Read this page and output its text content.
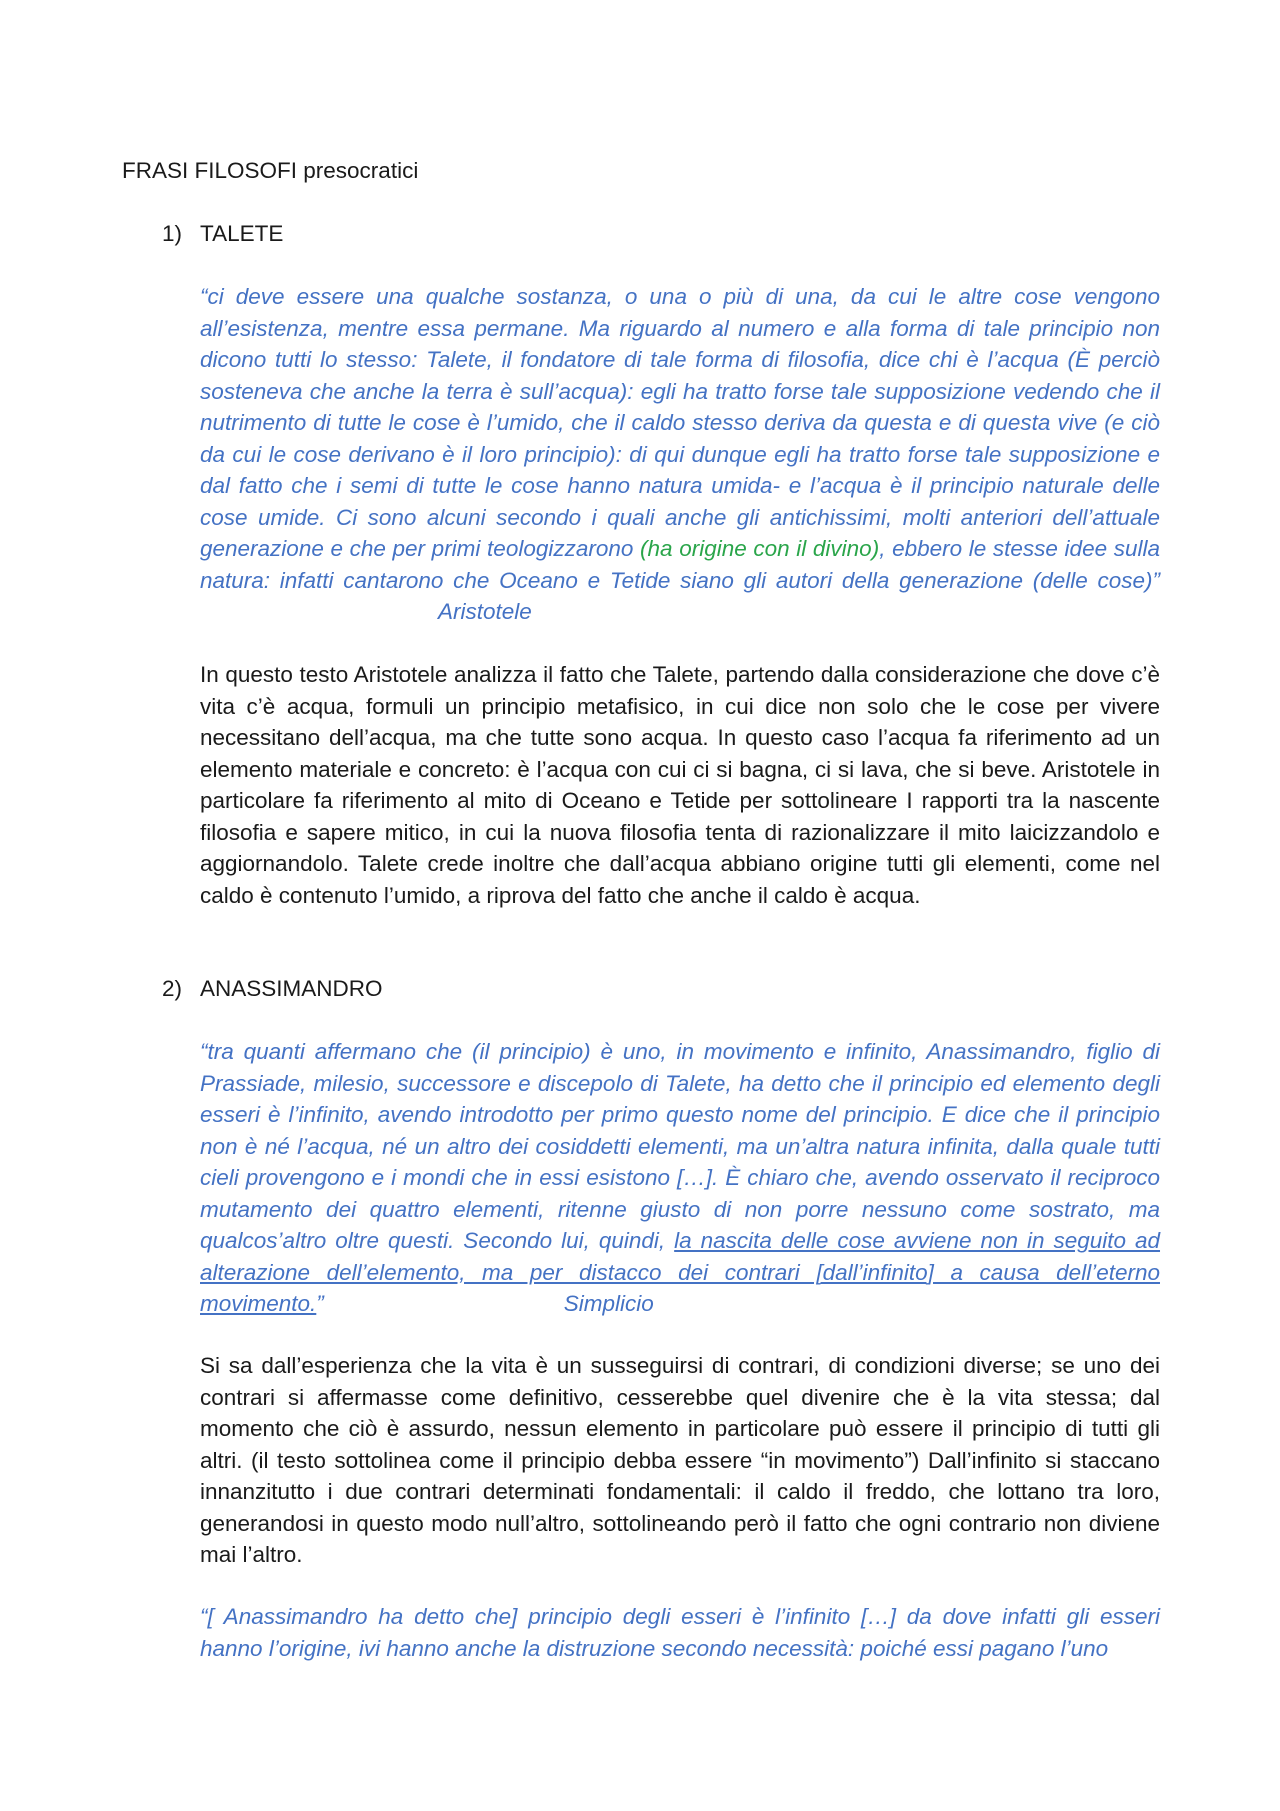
FRASI FILOSOFI presocratici
1) TALETE

“ci deve essere una qualche sostanza, o una o più di una, da cui le altre cose vengono all’esistenza, mentre essa permane. Ma riguardo al numero e alla forma di tale principio non dicono tutti lo stesso: Talete, il fondatore di tale forma di filosofia, dice chi è l’acqua (È perciò sosteneva che anche la terra è sull’acqua): egli ha tratto forse tale supposizione vedendo che il nutrimento di tutte le cose è l’umido, che il caldo stesso deriva da questa e di questa vive (e ciò da cui le cose derivano è il loro principio): di qui dunque egli ha tratto forse tale supposizione e dal fatto che i semi di tutte le cose hanno natura umida- e l’acqua è il principio naturale delle cose umide. Ci sono alcuni secondo i quali anche gli antichissimi, molti anteriori dell’attuale generazione e che per primi teologizzarono (ha origine con il divino), ebbero le stesse idee sulla natura: infatti cantarono che Oceano e Tetide siano gli autori della generazione (delle cose)”Aristotele

In questo testo Aristotele analizza il fatto che Talete, partendo dalla considerazione che dove c’è vita c’è acqua, formuli un principio metafisico, in cui dice non solo che le cose per vivere necessitano dell’acqua, ma che tutte sono acqua. In questo caso l’acqua fa riferimento ad un elemento materiale e concreto: è l’acqua con cui ci si bagna, ci si lava, che si beve. Aristotele in particolare fa riferimento al mito di Oceano e Tetide per sottolineare I rapporti tra la nascente filosofia e sapere mitico, in cui la nuova filosofia tenta di razionalizzare il mito laicizzandolo e aggiornandolo. Talete crede inoltre che dall’acqua abbiano origine tutti gli elementi, come nel caldo è contenuto l’umido, a riprova del fatto che anche il caldo è acqua.

2) ANASSIMANDRO

“tra quanti affermano che (il principio) è uno, in movimento e infinito, Anassimandro, figlio di Prassiade, milesio, successore e discepolo di Talete, ha detto che il principio ed elemento degli esseri è l’infinito, avendo introdotto per primo questo nome del principio. E dice che il principio non è né l’acqua, né un altro dei cosiddetti elementi, ma un’altra natura infinita, dalla quale tutti cieli provengono e i mondi che in essi esistono […]. È chiaro che, avendo osservato il reciproco mutamento dei quattro elementi, ritenne giusto di non porre nessuno come sostrato, ma qualcos’altro oltre questi. Secondo lui, quindi, la nascita delle cose avviene non in seguito ad alterazione dell’elemento, ma per distacco dei contrari [dall’infinito] a causa dell’eterno movimento.”	Simplicio

Si sa dall’esperienza che la vita è un susseguirsi di contrari, di condizioni diverse; se uno dei contrari si affermasse come definitivo, cesserebbe quel divenire che è la vita stessa; dal momento che ciò è assurdo, nessun elemento in particolare può essere il principio di tutti gli altri. (il testo sottolinea come il principio debba essere “in movimento”) Dall’infinito si staccano innanzitutto i due contrari determinati fondamentali: il caldo il freddo, che lottano tra loro, generandosi in questo modo null’altro, sottolineando però il fatto che ogni contrario non diviene mai l’altro.

“[ Anassimandro ha detto che] principio degli esseri è l’infinito […] da dove infatti gli esseri hanno l’origine, ivi hanno anche la distruzione secondo necessità: poiché essi pagano l’uno
